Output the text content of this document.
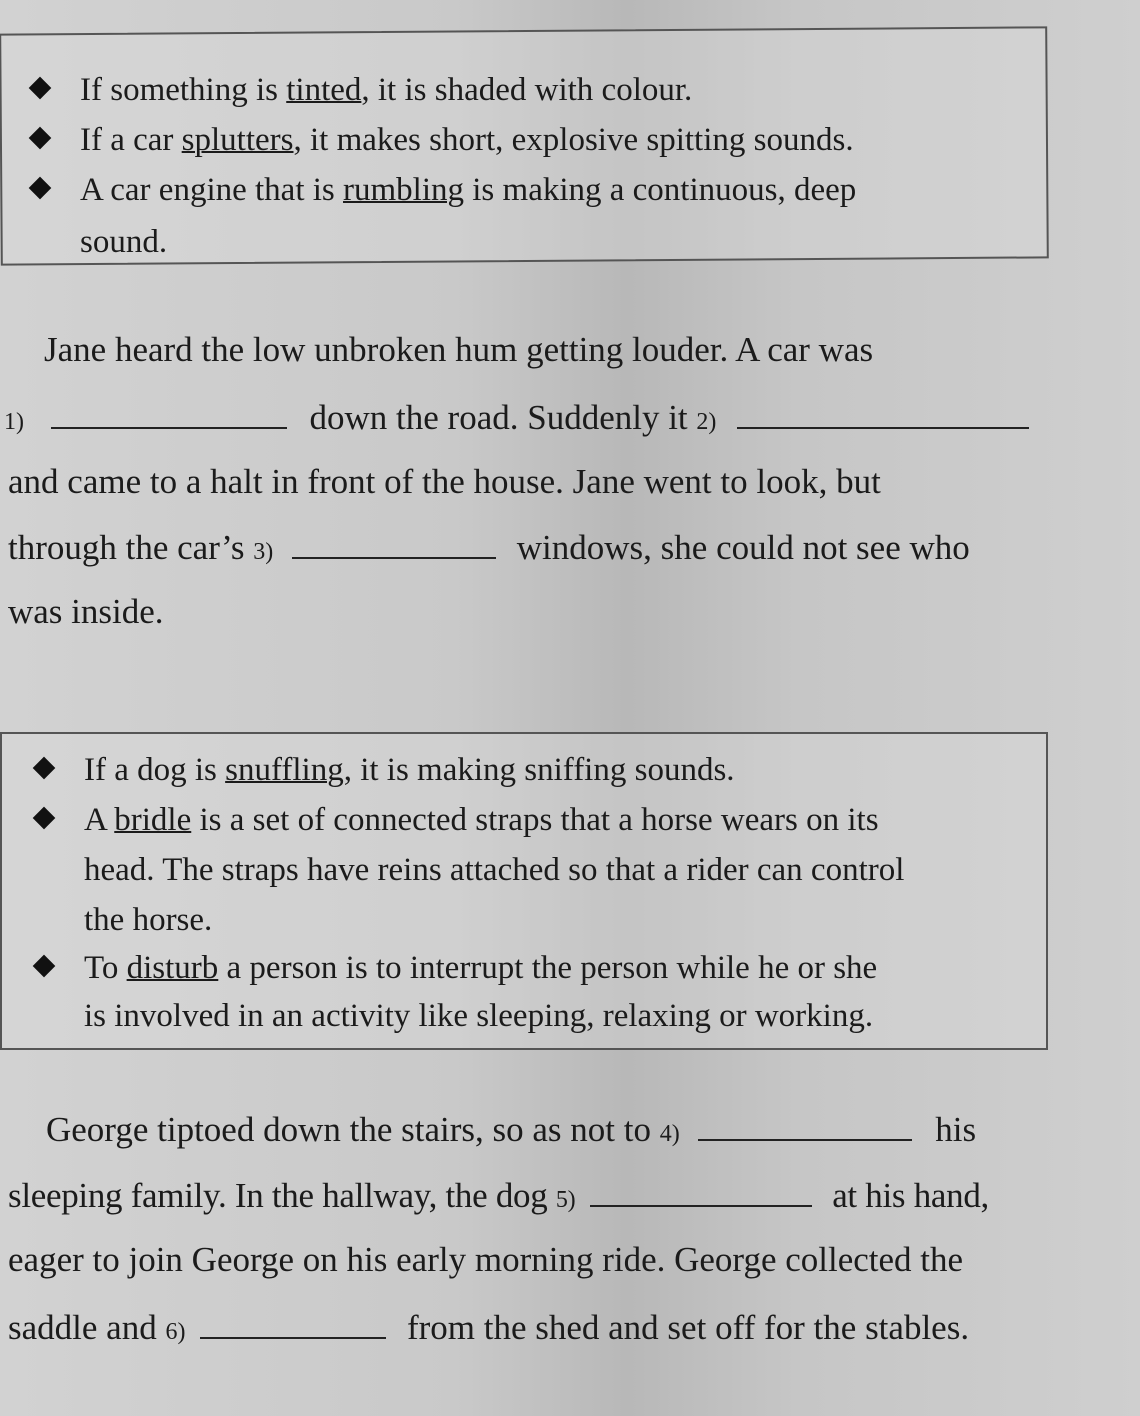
If something is tinted, it is shaded with colour.
If a car splutters, it makes short, explosive spitting sounds.
A car engine that is rumbling is making a continuous, deep
sound.
Jane heard the low unbroken hum getting louder. A car was
1)	down the road. Suddenly it 2)
and came to a halt in front of the house. Jane went to look, but
through the car’s 3)	windows, she could not see who
was inside.
If a dog is snuffling, it is making sniffing sounds.
A bridle is a set of connected straps that a horse wears on its
head. The straps have reins attached so that a rider can control
the horse.
To disturb a person is to interrupt the person while he or she
is involved in an activity like sleeping, relaxing or working.
George tiptoed down the stairs, so as not to 4)	his
sleeping family. In the hallway, the dog 5)	at his hand,
eager to join George on his early morning ride. George collected the
saddle and 6)	from the shed and set off for the stables.
